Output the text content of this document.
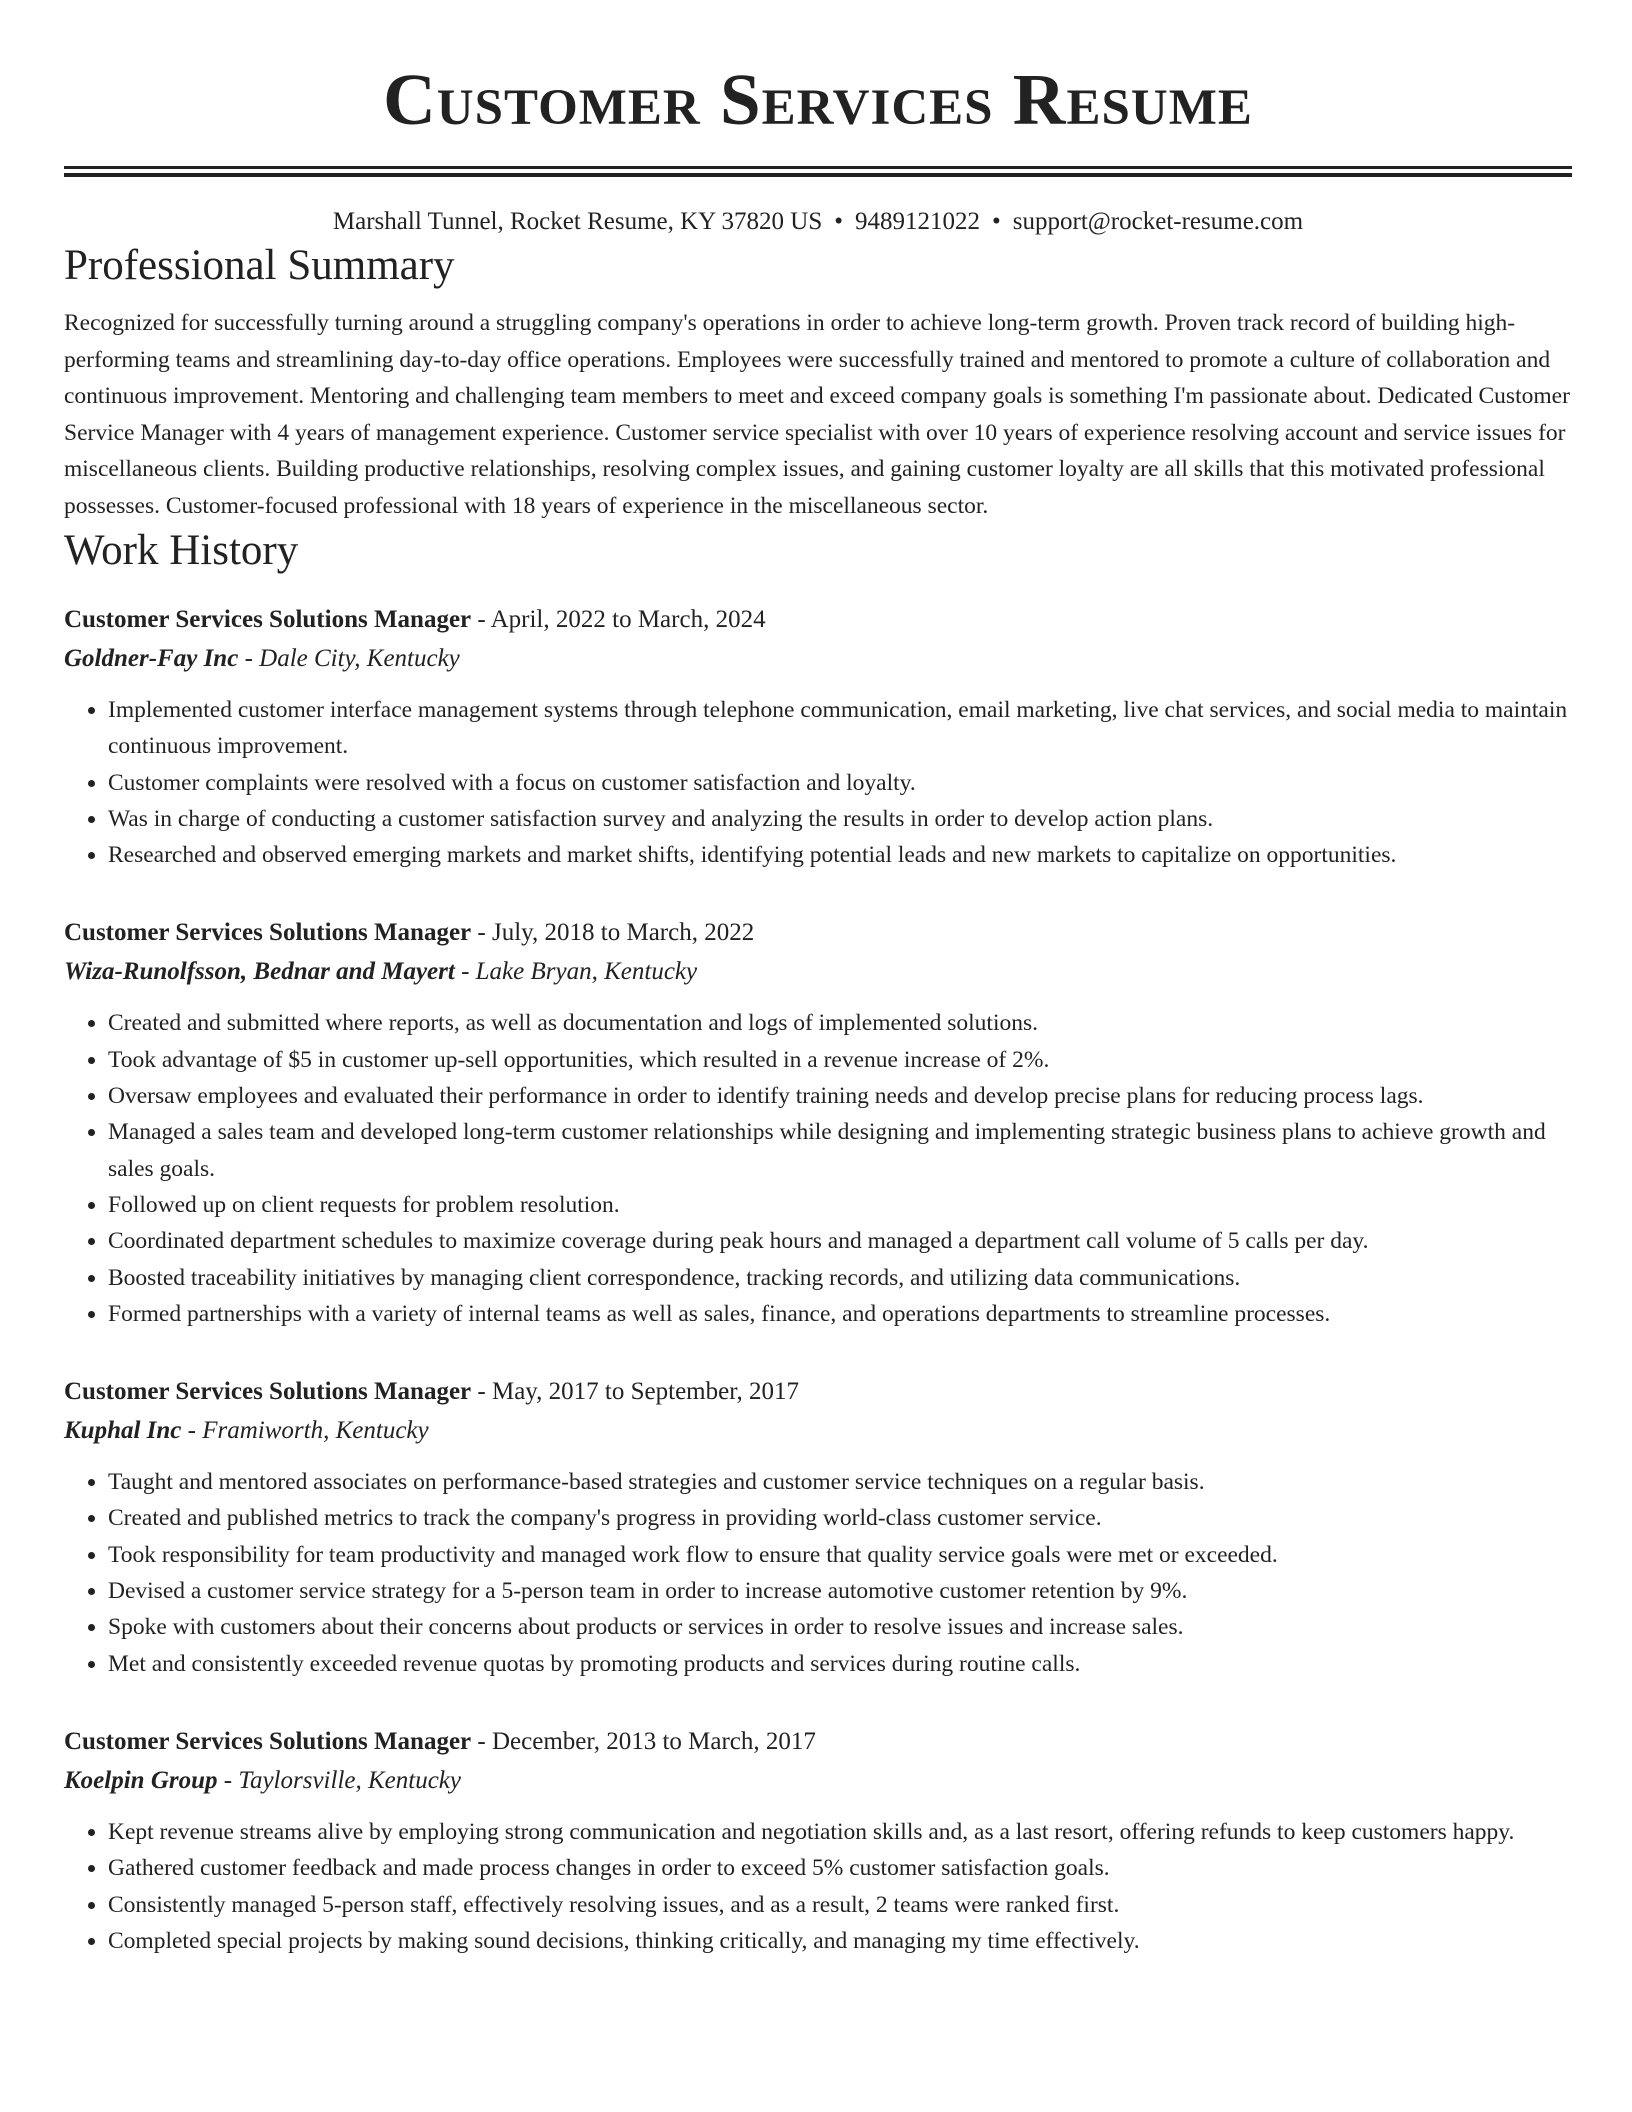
Customer Services Resume
Marshall Tunnel, Rocket Resume, KY 37820 US • 9489121022 • support@rocket-resume.com
Professional Summary

Recognized for successfully turning around a struggling company's operations in order to achieve long-term growth. Proven track record of building high-performing teams and streamlining day-to-day office operations. Employees were successfully trained and mentored to promote a culture of collaboration and continuous improvement. Mentoring and challenging team members to meet and exceed company goals is something I'm passionate about. Dedicated Customer Service Manager with 4 years of management experience. Customer service specialist with over 10 years of experience resolving account and service issues for miscellaneous clients. Building productive relationships, resolving complex issues, and gaining customer loyalty are all skills that this motivated professional possesses. Customer-focused professional with 18 years of experience in the miscellaneous sector.

Work History
Customer Services Solutions Manager - April, 2022 to March, 2024
Goldner-Fay Inc - Dale City, Kentucky
• Implemented customer interface management systems through telephone communication, email marketing, live chat services, and social media to maintain continuous improvement.
• Customer complaints were resolved with a focus on customer satisfaction and loyalty.
• Was in charge of conducting a customer satisfaction survey and analyzing the results in order to develop action plans.
• Researched and observed emerging markets and market shifts, identifying potential leads and new markets to capitalize on opportunities.
Customer Services Solutions Manager - July, 2018 to March, 2022
Wiza-Runolfsson, Bednar and Mayert - Lake Bryan, Kentucky
• Created and submitted where reports, as well as documentation and logs of implemented solutions.
• Took advantage of $5 in customer up-sell opportunities, which resulted in a revenue increase of 2%.
• Oversaw employees and evaluated their performance in order to identify training needs and develop precise plans for reducing process lags.
• Managed a sales team and developed long-term customer relationships while designing and implementing strategic business plans to achieve growth and sales goals.
• Followed up on client requests for problem resolution.
• Coordinated department schedules to maximize coverage during peak hours and managed a department call volume of 5 calls per day.
• Boosted traceability initiatives by managing client correspondence, tracking records, and utilizing data communications.
• Formed partnerships with a variety of internal teams as well as sales, finance, and operations departments to streamline processes.
Customer Services Solutions Manager - May, 2017 to September, 2017
Kuphal Inc - Framiworth, Kentucky
• Taught and mentored associates on performance-based strategies and customer service techniques on a regular basis.
• Created and published metrics to track the company's progress in providing world-class customer service.
• Took responsibility for team productivity and managed work flow to ensure that quality service goals were met or exceeded.
• Devised a customer service strategy for a 5-person team in order to increase automotive customer retention by 9%.
• Spoke with customers about their concerns about products or services in order to resolve issues and increase sales.
• Met and consistently exceeded revenue quotas by promoting products and services during routine calls.
Customer Services Solutions Manager - December, 2013 to March, 2017
Koelpin Group - Taylorsville, Kentucky
• Kept revenue streams alive by employing strong communication and negotiation skills and, as a last resort, offering refunds to keep customers happy.
• Gathered customer feedback and made process changes in order to exceed 5% customer satisfaction goals.
• Consistently managed 5-person staff, effectively resolving issues, and as a result, 2 teams were ranked first.
• Completed special projects by making sound decisions, thinking critically, and managing my time effectively.
